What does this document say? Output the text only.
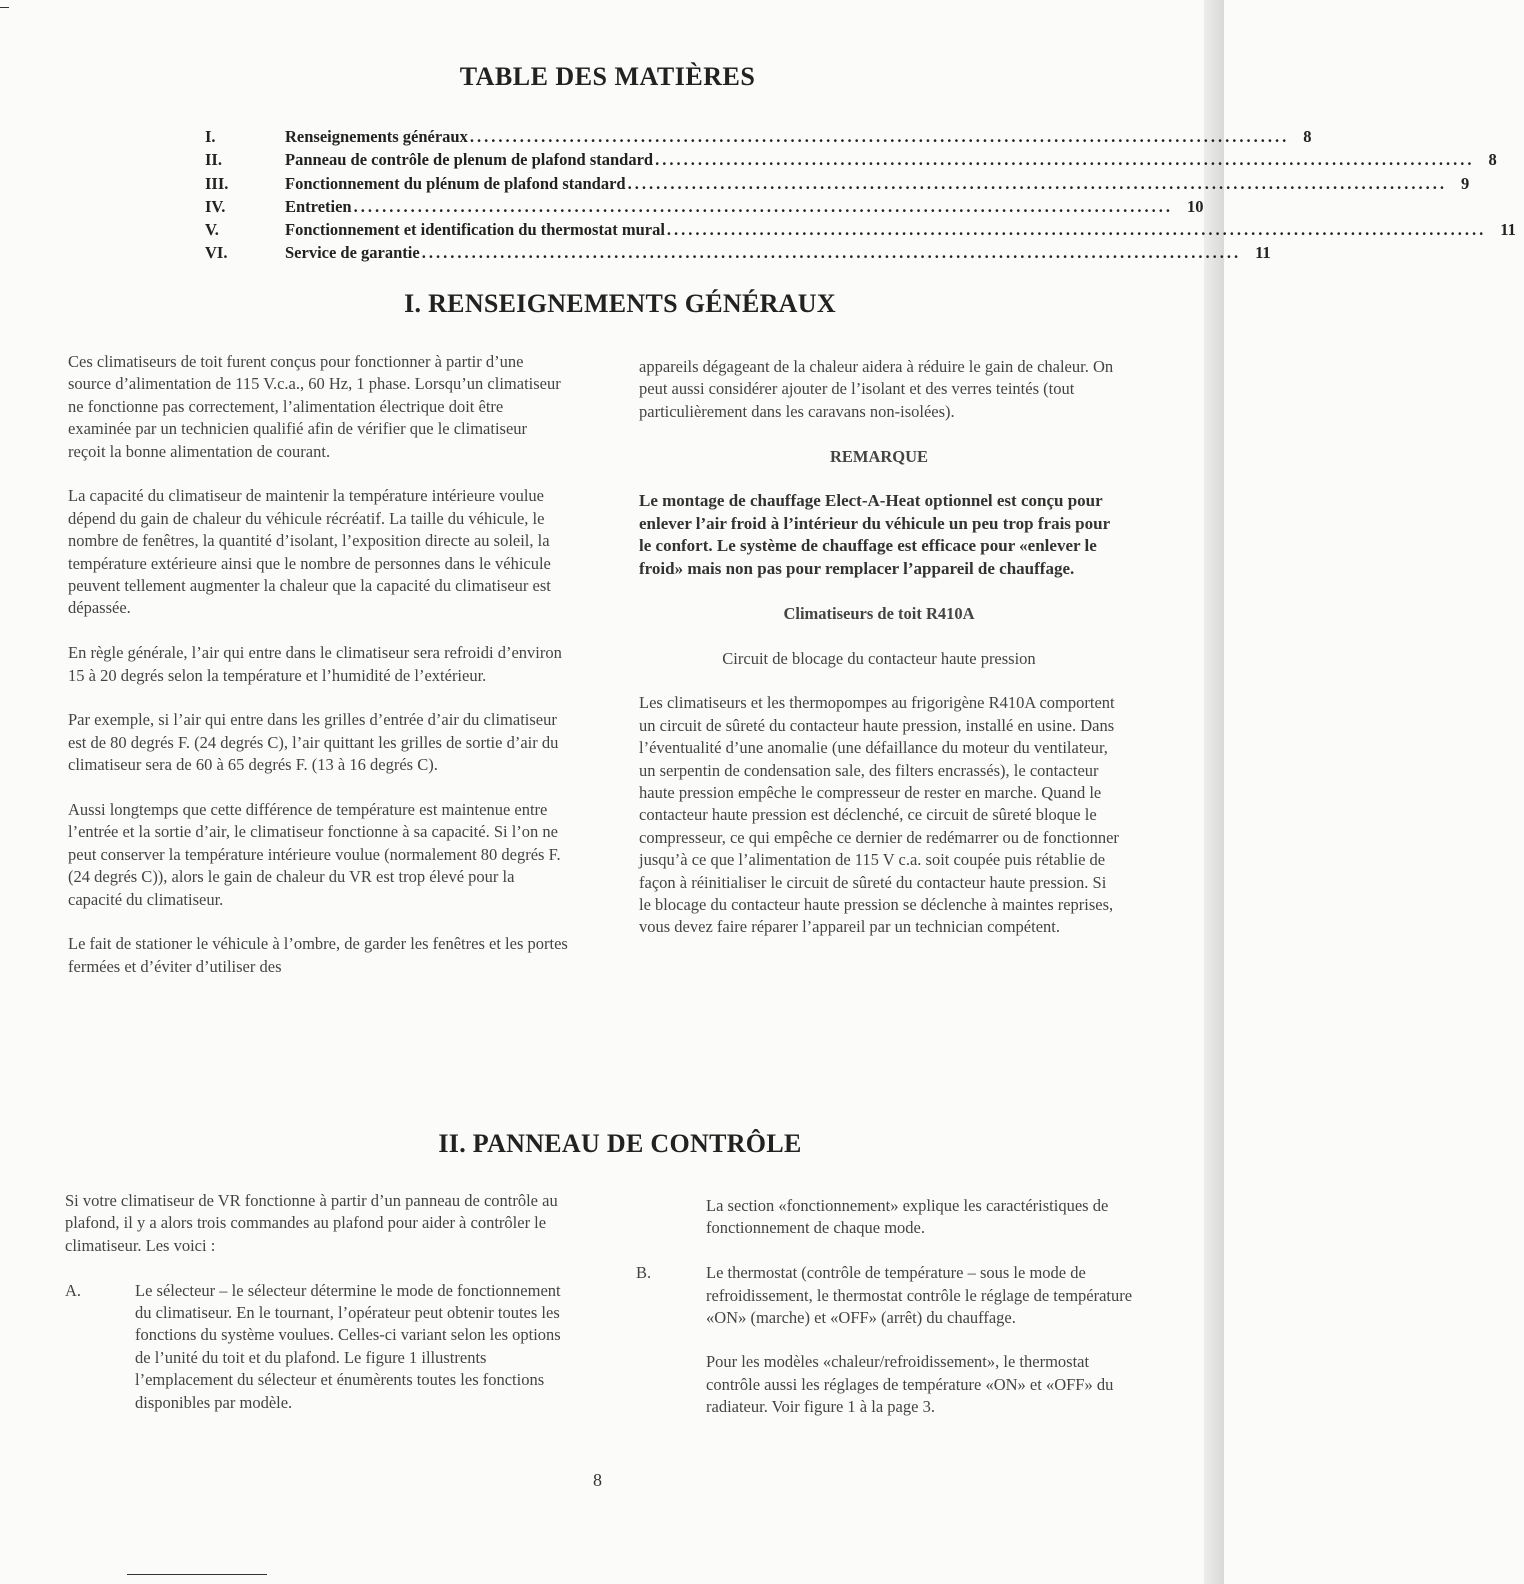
TABLE DES MATIÈRES
I.	Renseignements généraux ................................................................................................................... 8
II.	Panneau de contrôle de plenum de plafond standard ................................................................................................................... 8
III.	Fonctionnement du plénum de plafond standard ................................................................................................................... 9
IV.	Entretien ................................................................................................................... 10
V.	Fonctionnement et identification du thermostat mural ................................................................................................................... 11
VI.	Service de garantie ................................................................................................................... 11
I. RENSEIGNEMENTS GÉNÉRAUX

Ces climatiseurs de toit furent conçus pour fonctionner à partir d’une source d’alimentation de 115 V.c.a., 60 Hz, 1 phase. Lorsqu’un climatiseur ne fonctionne pas correctement, l’alimentation électrique doit être examinée par un technicien qualifié afin de vérifier que le climatiseur reçoit la bonne alimentation de courant.

La capacité du climatiseur de maintenir la température intérieure voulue dépend du gain de chaleur du véhicule récréatif. La taille du véhicule, le nombre de fenêtres, la quantité d’isolant, l’exposition directe au soleil, la température extérieure ainsi que le nombre de personnes dans le véhicule peuvent tellement augmenter la chaleur que la capacité du climatiseur est dépassée.

En règle générale, l’air qui entre dans le climatiseur sera refroidi d’environ 15 à 20 degrés selon la température et l’humidité de l’extérieur.

Par exemple, si l’air qui entre dans les grilles d’entrée d’air du climatiseur est de 80 degrés F. (24 degrés C), l’air quittant les grilles de sortie d’air du climatiseur sera de 60 à 65 degrés F. (13 à 16 degrés C).

Aussi longtemps que cette différence de température est maintenue entre l’entrée et la sortie d’air, le climatiseur fonctionne à sa capacité. Si l’on ne peut conserver la température intérieure voulue (normalement 80 degrés F. (24 degrés C)), alors le gain de chaleur du VR est trop élevé pour la capacité du climatiseur.

Le fait de stationer le véhicule à l’ombre, de garder les fenêtres et les portes fermées et d’éviter d’utiliser des

appareils dégageant de la chaleur aidera à réduire le gain de chaleur. On peut aussi considérer ajouter de l’isolant et des verres teintés (tout particulièrement dans les caravans non-isolées).

REMARQUE

Le montage de chauffage Elect-A-Heat optionnel est conçu pour enlever l’air froid à l’intérieur du véhicule un peu trop frais pour le confort. Le système de chauffage est efficace pour «enlever le froid» mais non pas pour remplacer l’appareil de chauffage.

Climatiseurs de toit R410A
Circuit de blocage du contacteur haute pression

Les climatiseurs et les thermopompes au frigorigène R410A comportent un circuit de sûreté du contacteur haute pression, installé en usine. Dans l’éventualité d’une anomalie (une défaillance du moteur du ventilateur, un serpentin de condensation sale, des filters encrassés), le contacteur haute pression empêche le compresseur de rester en marche. Quand le contacteur haute pression est déclenché, ce circuit de sûreté bloque le compresseur, ce qui empêche ce dernier de redémarrer ou de fonctionner jusqu’à ce que l’alimentation de 115 V c.a. soit coupée puis rétablie de façon à réinitialiser le circuit de sûreté du contacteur haute pression. Si le blocage du contacteur haute pression se déclenche à maintes reprises, vous devez faire réparer l’appareil par un technician compétent.

II. PANNEAU DE CONTRÔLE

Si votre climatiseur de VR fonctionne à partir d’un panneau de contrôle au plafond, il y a alors trois commandes au plafond pour aider à contrôler le climatiseur. Les voici :

A.	Le sélecteur – le sélecteur détermine le mode de fonctionnement du climatiseur. En le tournant, l’opérateur peut obtenir toutes les fonctions du système voulues. Celles-ci variant selon les options de l’unité du toit et du plafond. Le figure 1 illustrents l’emplacement du sélecteur et énumèrents toutes les fonctions disponibles par modèle.

La section «fonctionnement» explique les caractéristiques de fonctionnement de chaque mode.

B.	Le thermostat (contrôle de température – sous le mode de refroidissement, le thermostat contrôle le réglage de température «ON» (marche) et «OFF» (arrêt) du chauffage.

Pour les modèles «chaleur/refroidissement», le thermostat contrôle aussi les réglages de température «ON» et «OFF» du radiateur. Voir figure 1 à la page 3.

8
